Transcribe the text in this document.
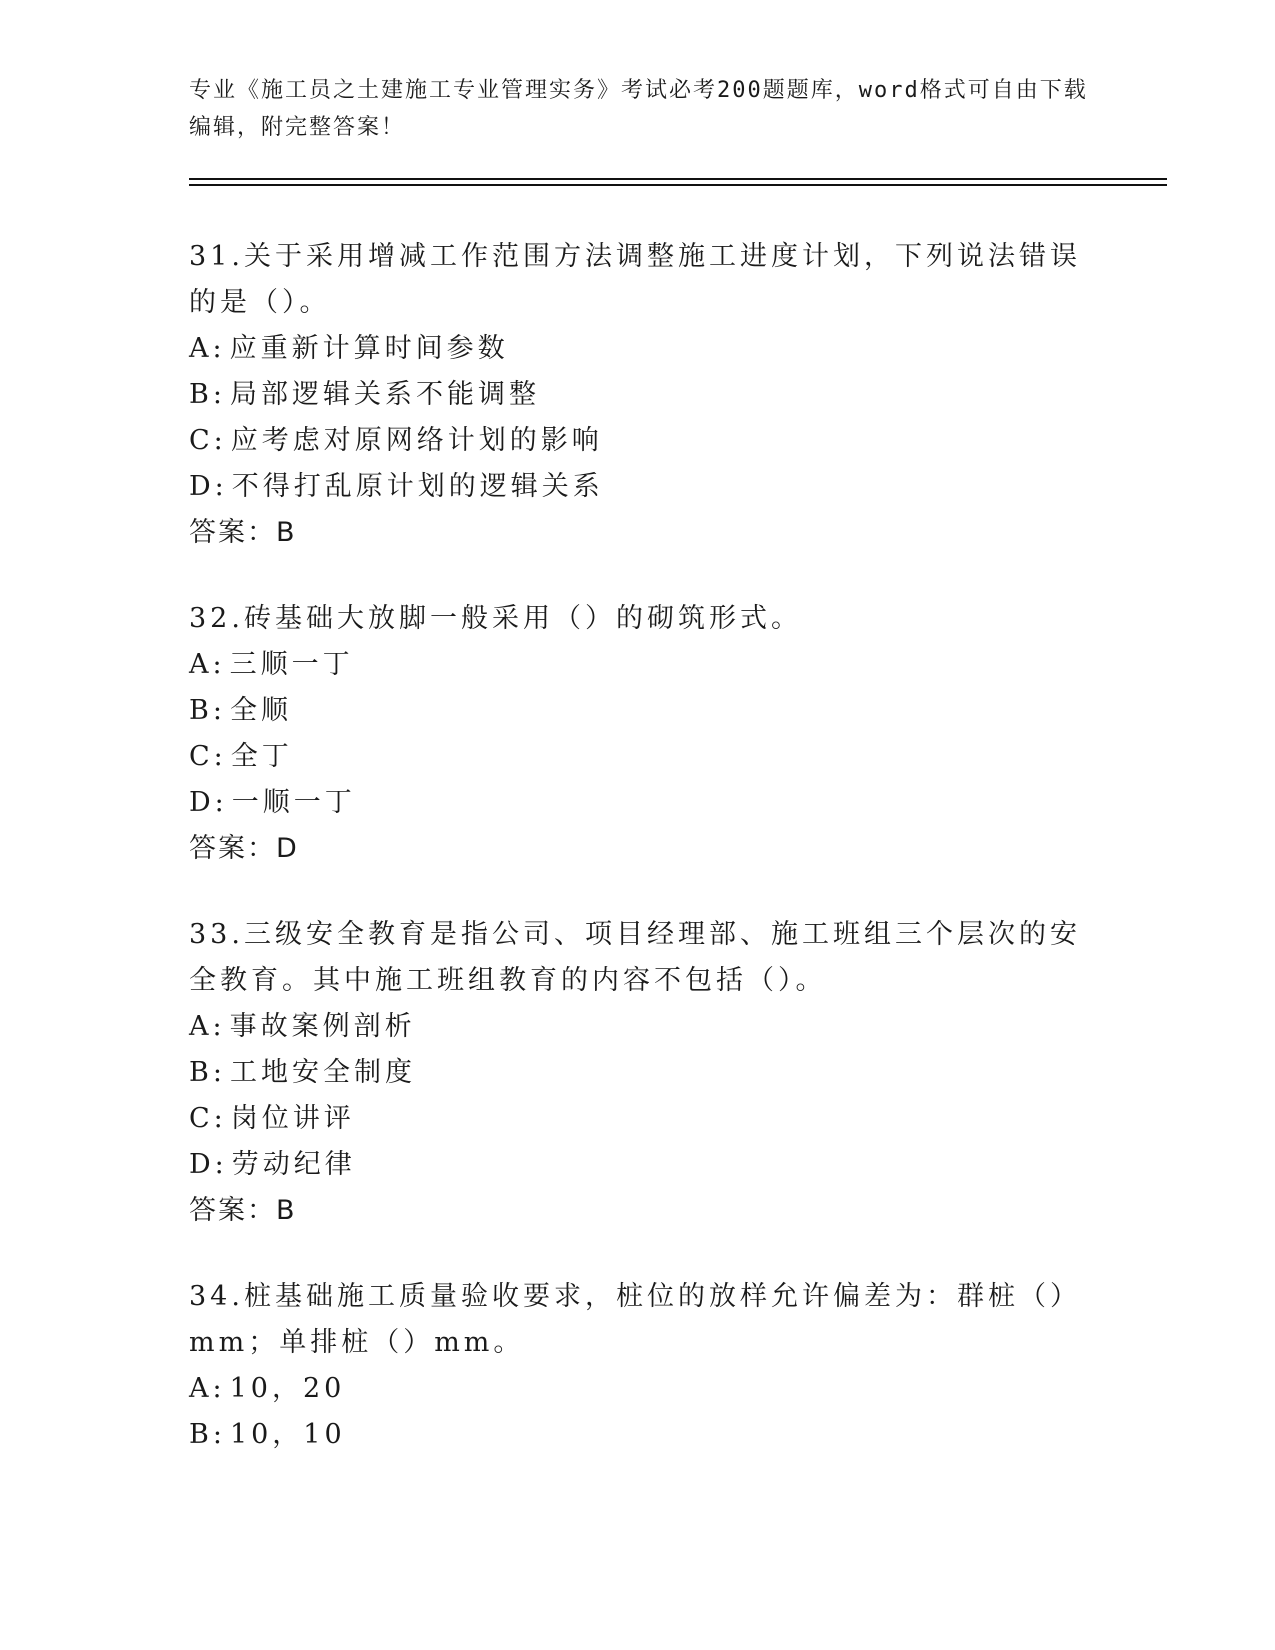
专业《施工员之土建施工专业管理实务》考试必考200题题库，word格式可自由下载编辑，附完整答案！
31.关于采用增减工作范围方法调整施工进度计划，下列说法错误的是（）。
A: 应重新计算时间参数
B: 局部逻辑关系不能调整
C: 应考虑对原网络计划的影响
D: 不得打乱原计划的逻辑关系
答案：B
32.砖基础大放脚一般采用（）的砌筑形式。
A: 三顺一丁
B: 全顺
C: 全丁
D: 一顺一丁
答案：D
33.三级安全教育是指公司、项目经理部、施工班组三个层次的安全教育。其中施工班组教育的内容不包括（）。
A: 事故案例剖析
B: 工地安全制度
C: 岗位讲评
D: 劳动纪律
答案：B
34.桩基础施工质量验收要求，桩位的放样允许偏差为：群桩（）mm；单排桩（）mm。
A: 10，20
B: 10，10
